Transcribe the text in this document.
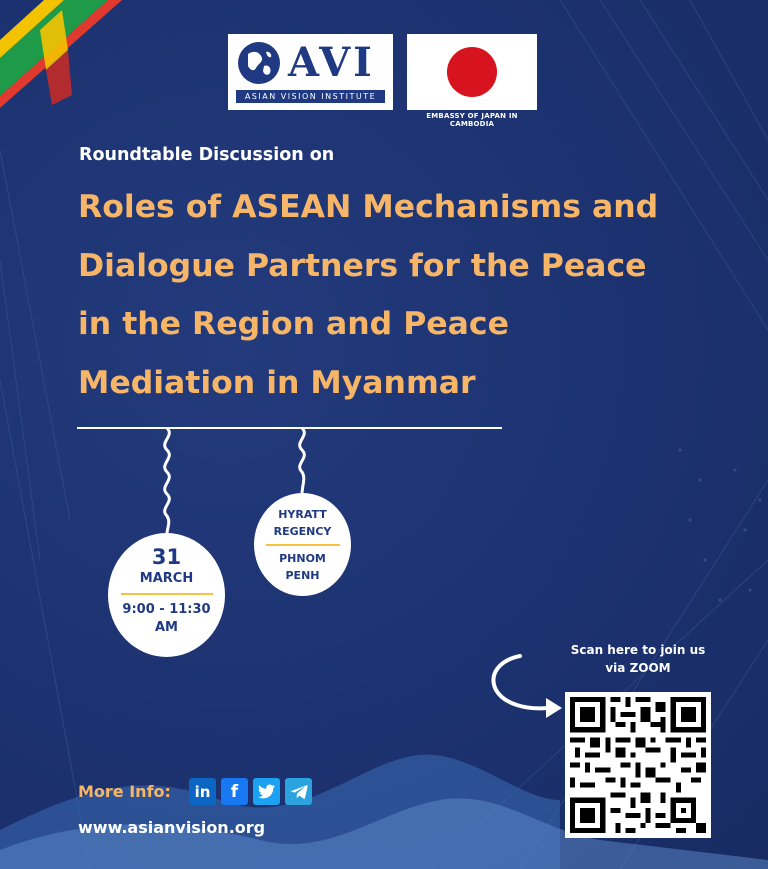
AVI
ASIAN VISION INSTITUTE
EMBASSY OF JAPAN IN CAMBODIA
Roundtable Discussion on
Roles of ASEAN Mechanisms and
Dialogue Partners for the Peace
in the Region and Peace
Mediation in Myanmar
31
MARCH
9:00 - 11:30
AM
HYRATT
REGENCY
PHNOM
PENH
Scan here to join us
via ZOOM
More Info:	in	f
www.asianvision.org
